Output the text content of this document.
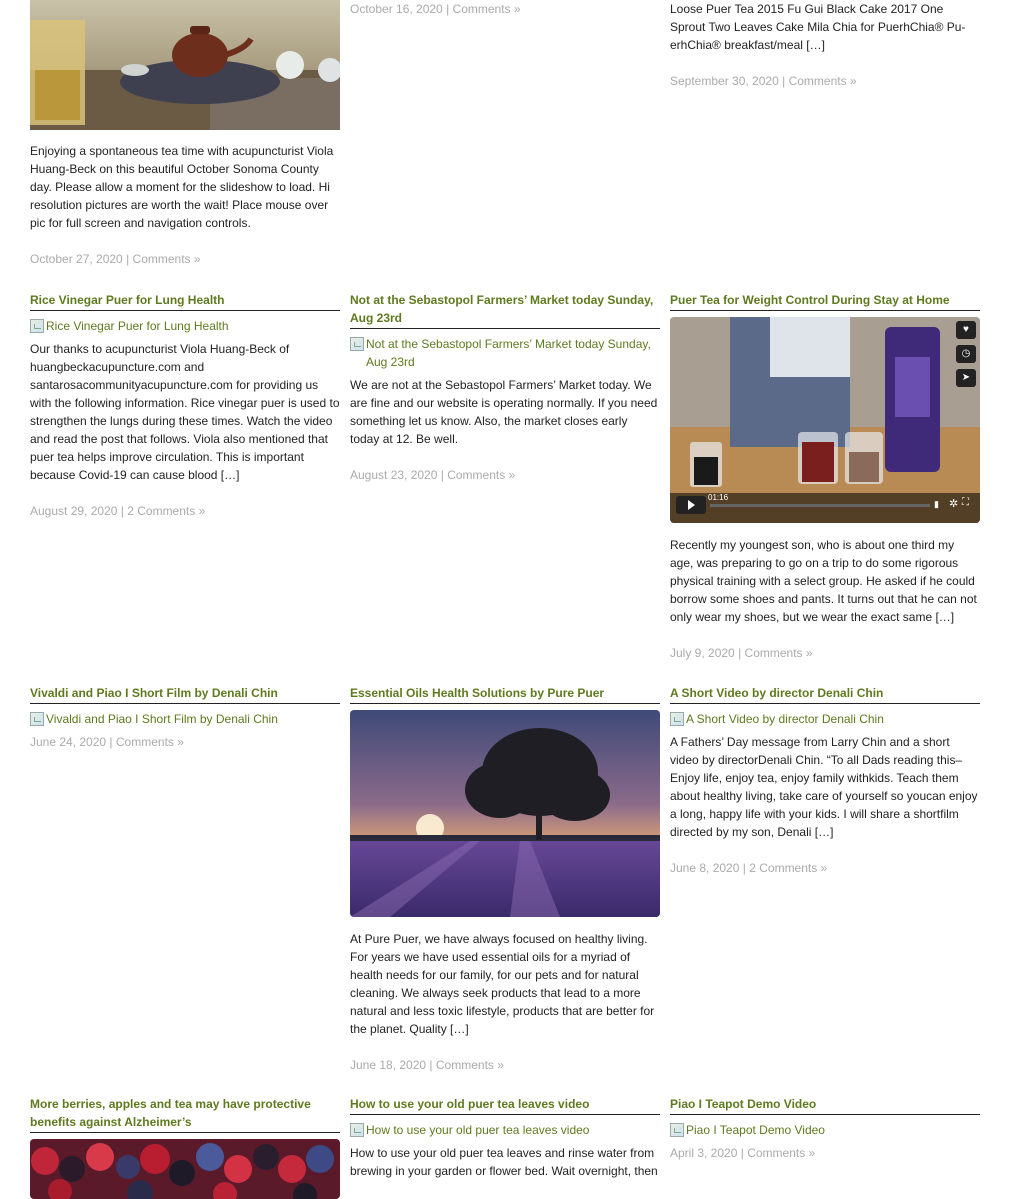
Enjoying a spontaneous tea time with acupuncturist Viola Huang-Beck on this beautiful October Sonoma County day. Please allow a moment for the slideshow to load. Hi resolution pictures are worth the wait! Place mouse over pic for full screen and navigation controls.

October 27, 2020 | Comments »
October 16, 2020 | Comments »	Loose Puer Tea 2015 Fu Gui Black Cake 2017 One Sprout Two Leaves Cake Mila Chia for PuerhChia® Pu-erhChia® breakfast/meal […]

September 30, 2020 | Comments »
Rice Vinegar Puer for Lung Health
Rice Vinegar Puer for Lung Health

Our thanks to acupuncturist Viola Huang-Beck of huangbeckacupuncture.com and santarosacommunityacupuncture.com for providing us with the following information. Rice vinegar puer is used to strengthen the lungs during these times. Watch the video and read the post that follows. Viola also mentioned that puer tea helps improve circulation. This is important because Covid-19 can cause blood […]

August 29, 2020 | 2 Comments »
Not at the Sebastopol Farmers’ Market today Sunday, Aug 23rd
Not at the Sebastopol Farmers’ Market today Sunday, Aug 23rd

We are not at the Sebastopol Farmers’ Market today. We are fine and our website is operating normally. If you need something let us know. Also, the market closes early today at 12. Be well.

August 23, 2020 | Comments »
Puer Tea for Weight Control During Stay at Home
01:16
▮ ✲ ⛶
♥
◷
➤

Recently my youngest son, who is about one third my age, was preparing to go on a trip to do some rigorous physical training with a select group. He asked if he could borrow some shoes and pants. It turns out that he can not only wear my shoes, but we wear the exact same […]

July 9, 2020 | Comments »
Vivaldi and Piao I Short Film by Denali Chin
Vivaldi and Piao I Short Film by Denali Chin
June 24, 2020 | Comments »
Essential Oils Health Solutions by Pure Puer

At Pure Puer, we have always focused on healthy living. For years we have used essential oils for a myriad of health needs for our family, for our pets and for natural cleaning. We always seek products that lead to a more natural and less toxic lifestyle, products that are better for the planet. Quality […]

June 18, 2020 | Comments »
A Short Video by director Denali Chin
A Short Video by director Denali Chin

A Fathers’ Day message from Larry Chin and a short video by directorDenali Chin. “To all Dads reading this–Enjoy life, enjoy tea, enjoy family withkids. Teach them about healthy living, take care of yourself so youcan enjoy a long, happy life with your kids. I will share a shortfilm directed by my son, Denali […]

June 8, 2020 | 2 Comments »
More berries, apples and tea may have protective benefits against Alzheimer’s
How to use your old puer tea leaves video
How to use your old puer tea leaves video

How to use your old puer tea leaves and rinse water from brewing in your garden or flower bed. Wait overnight, then

Piao I Teapot Demo Video
Piao I Teapot Demo Video
April 3, 2020 | Comments »
